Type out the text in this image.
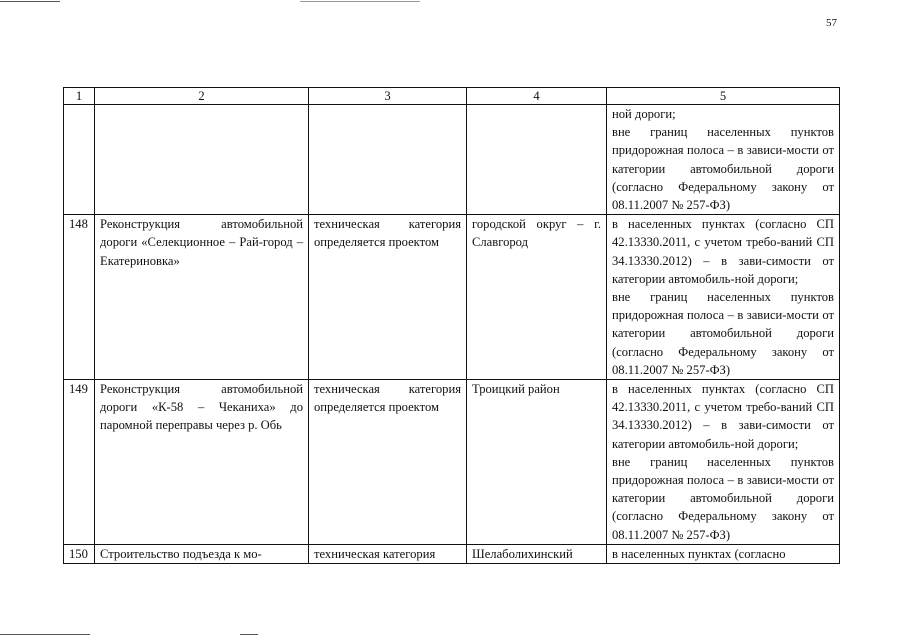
57
1	2	3	4	5

				ной дороги;
вне границ населенных пунктов придорожная полоса – в зависи-мости от категории автомобильной дороги (согласно Федеральному закону от 08.11.2007 № 257-ФЗ)

148	Реконструкция автомобильной дороги «Селекционное – Рай-город – Екатериновка»	техническая категория определяется проектом	городской округ – г. Славгород	в населенных пунктах (согласно СП 42.13330.2011, с учетом требо-ваний СП 34.13330.2012) – в зави-симости от категории автомобиль-ной дороги;
вне границ населенных пунктов придорожная полоса – в зависи-мости от категории автомобильной дороги (согласно Федеральному закону от 08.11.2007 № 257-ФЗ)

149	Реконструкция автомобильной дороги «К-58 – Чеканиха» до паромной переправы через р. Обь	техническая категория определяется проектом	Троицкий район	в населенных пунктах (согласно СП 42.13330.2011, с учетом требо-ваний СП 34.13330.2012) – в зави-симости от категории автомобиль-ной дороги;
вне границ населенных пунктов придорожная полоса – в зависи-мости от категории автомобильной дороги (согласно Федеральному закону от 08.11.2007 № 257-ФЗ)

150	Строительство подъезда к мо-	техническая категория	Шелаболихинский	в населенных пунктах (согласно
